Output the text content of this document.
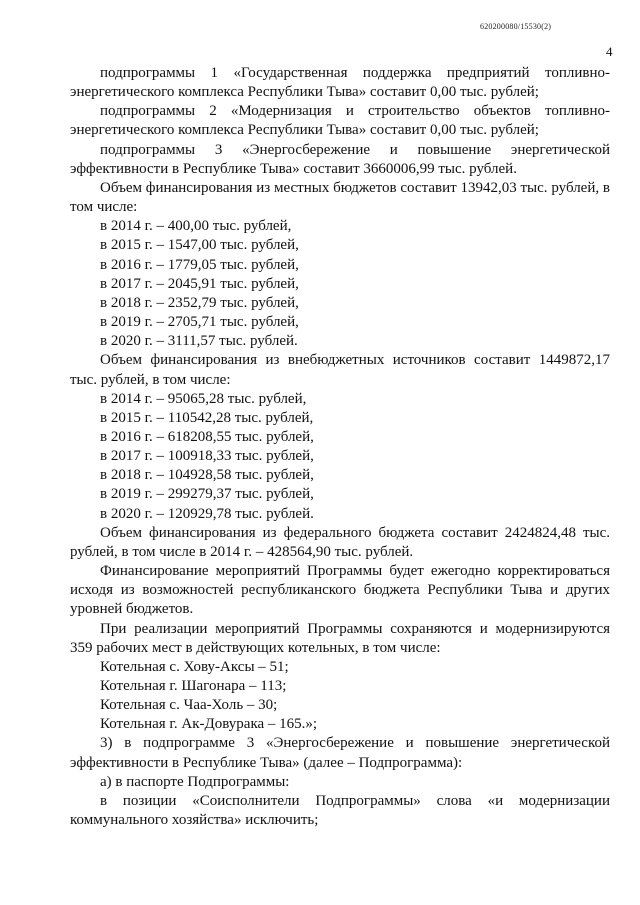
620200080/15530(2)
4

подпрограммы 1 «Государственная поддержка предприятий топливно-энергетического комплекса Республики Тыва» составит 0,00 тыс. рублей;

подпрограммы 2 «Модернизация и строительство объектов топливно-энергетического комплекса Республики Тыва» составит 0,00 тыс. рублей;

подпрограммы 3 «Энергосбережение и повышение энергетической эффективности в Республике Тыва» составит 3660006,99 тыс. рублей.

Объем финансирования из местных бюджетов составит 13942,03 тыс. рублей, в том числе:

в 2014 г. – 400,00 тыс. рублей,

в 2015 г. – 1547,00 тыс. рублей,

в 2016 г. – 1779,05 тыс. рублей,

в 2017 г. – 2045,91 тыс. рублей,

в 2018 г. – 2352,79 тыс. рублей,

в 2019 г. – 2705,71 тыс. рублей,

в 2020 г. – 3111,57 тыс. рублей.

Объем финансирования из внебюджетных источников составит 1449872,17 тыс. рублей, в том числе:

в 2014 г. – 95065,28 тыс. рублей,

в 2015 г. – 110542,28 тыс. рублей,

в 2016 г. – 618208,55 тыс. рублей,

в 2017 г. – 100918,33 тыс. рублей,

в 2018 г. – 104928,58 тыс. рублей,

в 2019 г. – 299279,37 тыс. рублей,

в 2020 г. – 120929,78 тыс. рублей.

Объем финансирования из федерального бюджета составит 2424824,48 тыс. рублей, в том числе в 2014 г. – 428564,90 тыс. рублей.

Финансирование мероприятий Программы будет ежегодно корректироваться исходя из возможностей республиканского бюджета Республики Тыва и других уровней бюджетов.

При реализации мероприятий Программы сохраняются и модернизируются 359 рабочих мест в действующих котельных, в том числе:

Котельная с. Хову-Аксы – 51;

Котельная г. Шагонара – 113;

Котельная с. Чаа-Холь – 30;

Котельная г. Ак-Довурака – 165.»;

3) в подпрограмме 3 «Энергосбережение и повышение энергетической эффективности в Республике Тыва» (далее – Подпрограмма):

а) в паспорте Подпрограммы:

в позиции «Соисполнители Подпрограммы» слова «и модернизации коммунального хозяйства» исключить;
